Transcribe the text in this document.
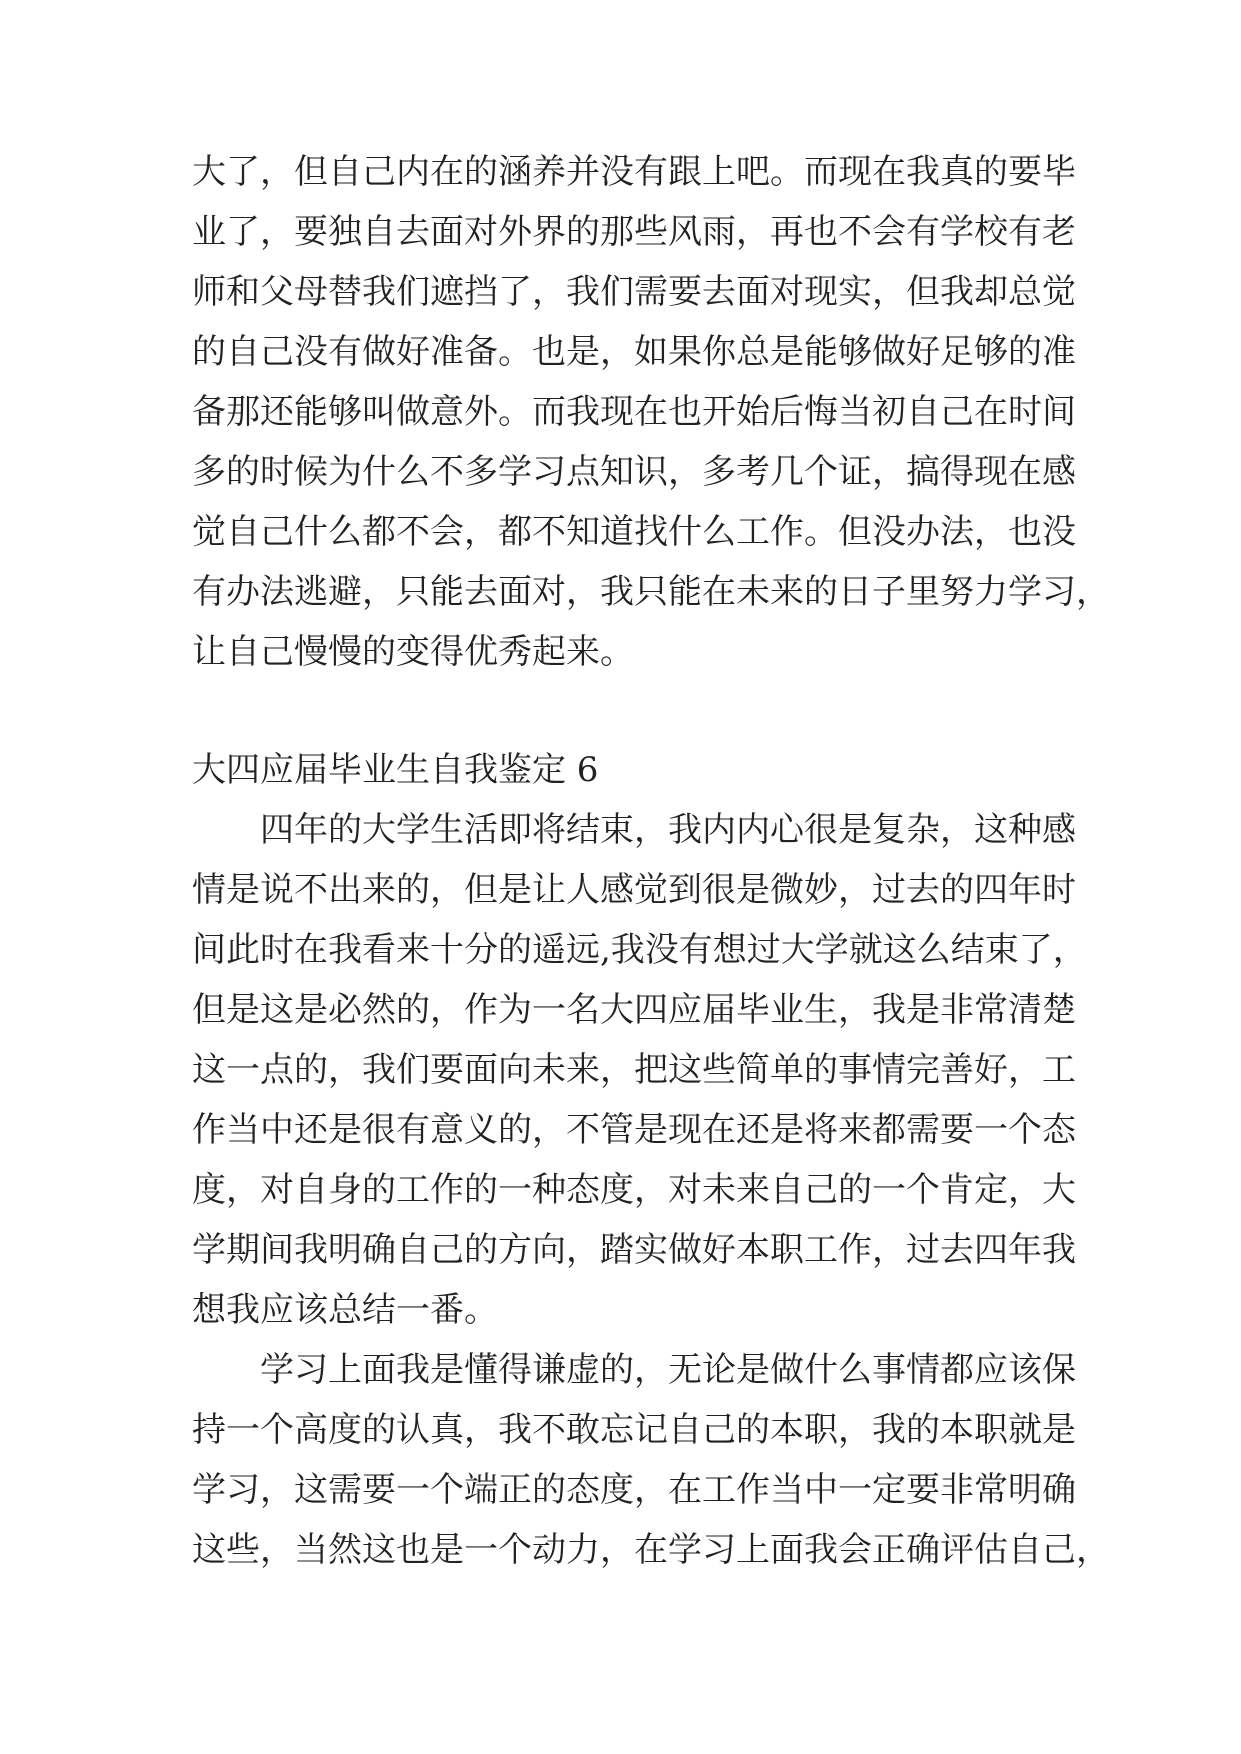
大了，但自己内在的涵养并没有跟上吧。而现在我真的要毕
业了，要独自去面对外界的那些风雨，再也不会有学校有老
师和父母替我们遮挡了，我们需要去面对现实，但我却总觉
的自己没有做好准备。也是，如果你总是能够做好足够的准
备那还能够叫做意外。而我现在也开始后悔当初自己在时间
多的时候为什么不多学习点知识，多考几个证，搞得现在感
觉自己什么都不会，都不知道找什么工作。但没办法，也没
有办法逃避，只能去面对，我只能在未来的日子里努力学习，
让自己慢慢的变得优秀起来。
大四应届毕业生自我鉴定 6
四年的大学生活即将结束，我内内心很是复杂，这种感
情是说不出来的，但是让人感觉到很是微妙，过去的四年时
间此时在我看来十分的遥远,我没有想过大学就这么结束了，
但是这是必然的，作为一名大四应届毕业生，我是非常清楚
这一点的，我们要面向未来，把这些简单的事情完善好，工
作当中还是很有意义的，不管是现在还是将来都需要一个态
度，对自身的工作的一种态度，对未来自己的一个肯定，大
学期间我明确自己的方向，踏实做好本职工作，过去四年我
想我应该总结一番。
学习上面我是懂得谦虚的，无论是做什么事情都应该保
持一个高度的认真，我不敢忘记自己的本职，我的本职就是
学习，这需要一个端正的态度，在工作当中一定要非常明确
这些，当然这也是一个动力，在学习上面我会正确评估自己，
